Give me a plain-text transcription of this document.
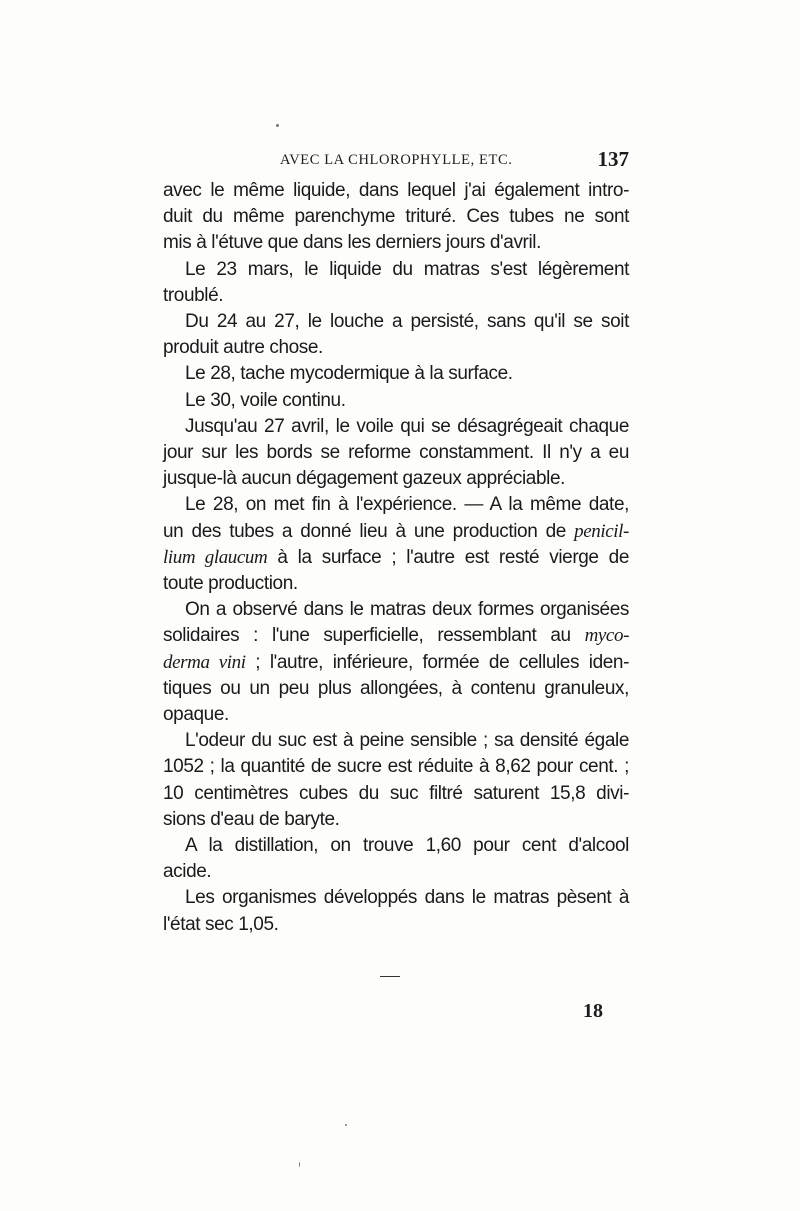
AVEC LA CHLOROPHYLLE, ETC.	137

avec le même liquide, dans lequel j'ai également intro-
duit du même parenchyme trituré. Ces tubes ne sont
mis à l'étuve que dans les derniers jours d'avril.

Le 23 mars, le liquide du matras s'est légèrement
troublé.

Du 24 au 27, le louche a persisté, sans qu'il se soit
produit autre chose.

Le 28, tache mycodermique à la surface.

Le 30, voile continu.

Jusqu'au 27 avril, le voile qui se désagrégeait chaque
jour sur les bords se reforme constamment. Il n'y a eu
jusque-là aucun dégagement gazeux appréciable.

Le 28, on met fin à l'expérience. — A la même date,
un des tubes a donné lieu à une production de penicil-
lium glaucum à la surface ; l'autre est resté vierge de
toute production.

On a observé dans le matras deux formes organisées
solidaires : l'une superficielle, ressemblant au myco-
derma vini ; l'autre, inférieure, formée de cellules iden-
tiques ou un peu plus allongées, à contenu granuleux,
opaque.

L'odeur du suc est à peine sensible ; sa densité égale
1052 ; la quantité de sucre est réduite à 8,62 pour cent. ;
10 centimètres cubes du suc filtré saturent 15,8 divi-
sions d'eau de baryte.

A la distillation, on trouve 1,60 pour cent d'alcool
acide.

Les organismes développés dans le matras pèsent à
l'état sec 1,05.

18
